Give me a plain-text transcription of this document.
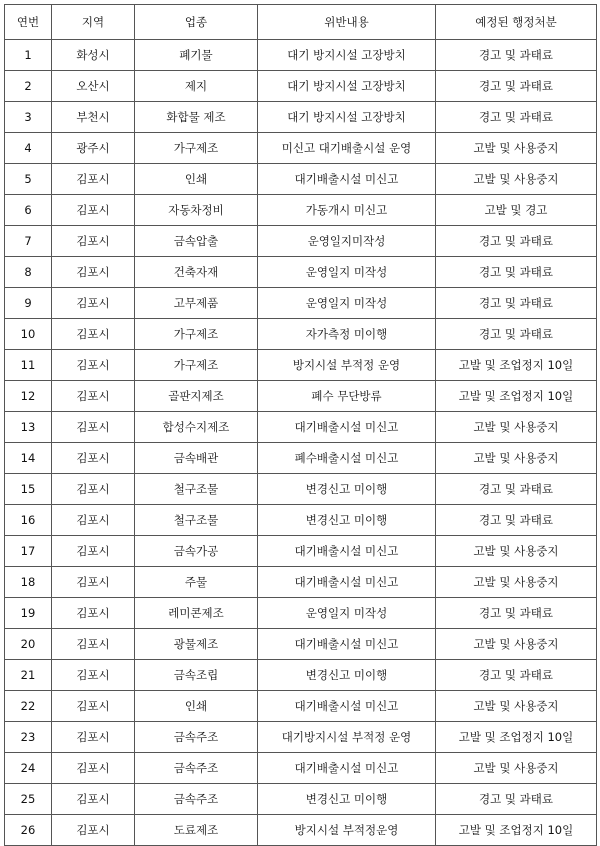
연번	지역	업종	위반내용	예정된 행정처분
1	화성시	폐기물	대기 방지시설 고장방치	경고 및 과태료
2	오산시	제지	대기 방지시설 고장방치	경고 및 과태료
3	부천시	화합물 제조	대기 방지시설 고장방치	경고 및 과태료
4	광주시	가구제조	미신고 대기배출시설 운영	고발 및 사용중지
5	김포시	인쇄	대기배출시설 미신고	고발 및 사용중지
6	김포시	자동차정비	가동개시 미신고	고발 및 경고
7	김포시	금속압출	운영일지미작성	경고 및 과태료
8	김포시	건축자재	운영일지 미작성	경고 및 과태료
9	김포시	고무제품	운영일지 미작성	경고 및 과태료
10	김포시	가구제조	자가측정 미이행	경고 및 과태료
11	김포시	가구제조	방지시설 부적정 운영	고발 및 조업정지 10일
12	김포시	골판지제조	폐수 무단방류	고발 및 조업정지 10일
13	김포시	합성수지제조	대기배출시설 미신고	고발 및 사용중지
14	김포시	금속배관	폐수배출시설 미신고	고발 및 사용중지
15	김포시	철구조물	변경신고 미이행	경고 및 과태료
16	김포시	철구조물	변경신고 미이행	경고 및 과태료
17	김포시	금속가공	대기배출시설 미신고	고발 및 사용중지
18	김포시	주물	대기배출시설 미신고	고발 및 사용중지
19	김포시	레미콘제조	운영일지 미작성	경고 및 과태료
20	김포시	광물제조	대기배출시설 미신고	고발 및 사용중지
21	김포시	금속조립	변경신고 미이행	경고 및 과태료
22	김포시	인쇄	대기배출시설 미신고	고발 및 사용중지
23	김포시	금속주조	대기방지시설 부적정 운영	고발 및 조업정지 10일
24	김포시	금속주조	대기배출시설 미신고	고발 및 사용중지
25	김포시	금속주조	변경신고 미이행	경고 및 과태료
26	김포시	도료제조	방지시설 부적정운영	고발 및 조업정지 10일
